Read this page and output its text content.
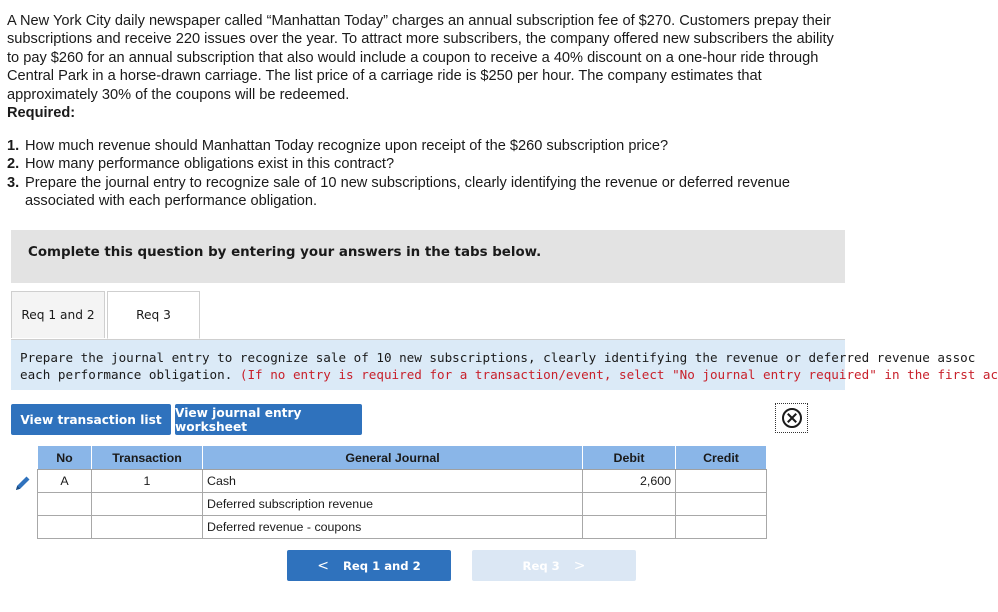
A New York City daily newspaper called “Manhattan Today” charges an annual subscription fee of $270. Customers prepay their subscriptions and receive 220 issues over the year. To attract more subscribers, the company offered new subscribers the ability to pay $260 for an annual subscription that also would include a coupon to receive a 40% discount on a one-hour ride through Central Park in a horse-drawn carriage. The list price of a carriage ride is $250 per hour. The company estimates that approximately 30% of the coupons will be redeemed.

Required:

1. How much revenue should Manhattan Today recognize upon receipt of the $260 subscription price?
2. How many performance obligations exist in this contract?
3. Prepare the journal entry to recognize sale of 10 new subscriptions, clearly identifying the revenue or deferred revenue associated with each performance obligation.
Complete this question by entering your answers in the tabs below.
Req 1 and 2	Req 3
Prepare the journal entry to recognize sale of 10 new subscriptions, clearly identifying the revenue or deferred revenue assoc
each performance obligation. (If no entry is required for a transaction/event, select "No journal entry required" in the first ac
View transaction list	View journal entry worksheet
No	Transaction	General Journal	Debit	Credit
A	1	Cash	2,600	
		Deferred subscription revenue		
		Deferred revenue - coupons		
< Req 1 and 2	Req 3 >
